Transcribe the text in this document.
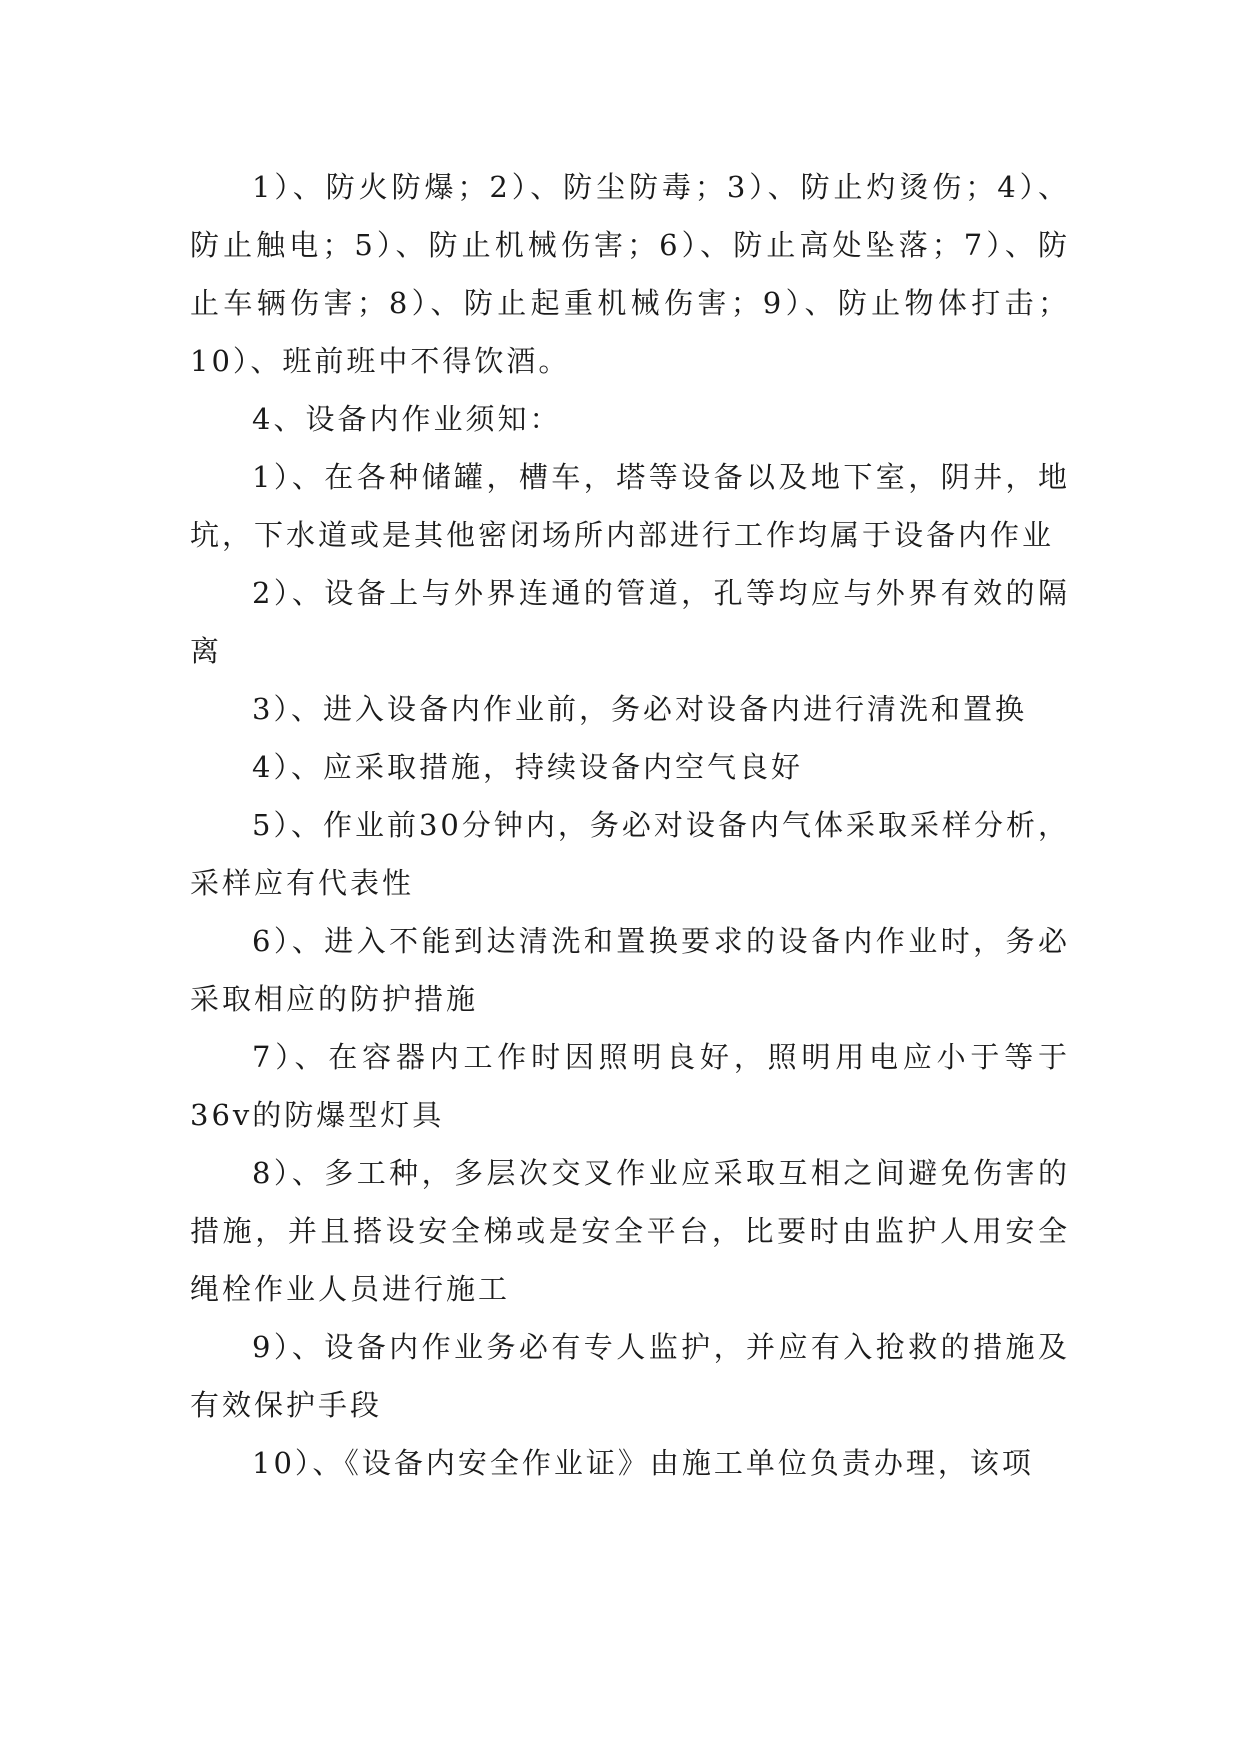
1）、防火防爆；2）、防尘防毒；3）、防止灼烫伤；4）、防止触电；5）、防止机械伤害；6）、防止高处坠落；7）、防止车辆伤害；8）、防止起重机械伤害；9）、防止物体打击；10）、班前班中不得饮酒。

4、设备内作业须知：

1）、在各种储罐，槽车，塔等设备以及地下室，阴井，地坑，下水道或是其他密闭场所内部进行工作均属于设备内作业

2）、设备上与外界连通的管道，孔等均应与外界有效的隔离

3）、进入设备内作业前，务必对设备内进行清洗和置换

4）、应采取措施，持续设备内空气良好

5）、作业前30分钟内，务必对设备内气体采取采样分析，采样应有代表性

6）、进入不能到达清洗和置换要求的设备内作业时，务必采取相应的防护措施

7）、在容器内工作时因照明良好，照明用电应小于等于36v的防爆型灯具

8）、多工种，多层次交叉作业应采取互相之间避免伤害的措施，并且搭设安全梯或是安全平台，比要时由监护人用安全绳栓作业人员进行施工

9）、设备内作业务必有专人监护，并应有入抢救的措施及有效保护手段

10）、《设备内安全作业证》由施工单位负责办理，该项
